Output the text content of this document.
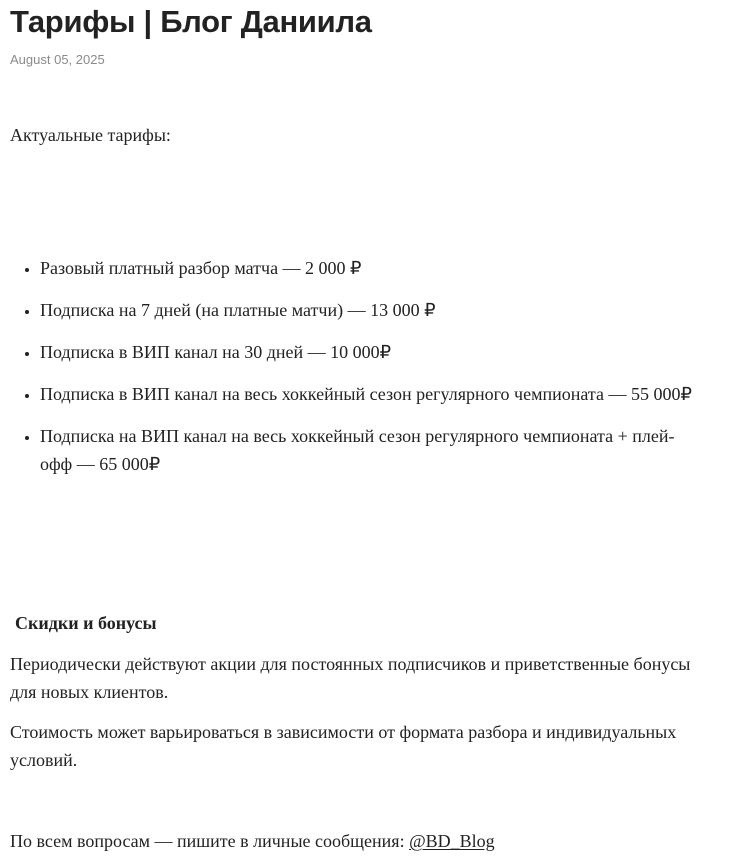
Тарифы | Блог Даниила
August 05, 2025

Актуальные тарифы:

• Разовый платный разбор матча — 2 000 ₽
• Подписка на 7 дней (на платные матчи) — 13 000 ₽
• Подписка в ВИП канал на 30 дней — 10 000₽
• Подписка в ВИП канал на весь хоккейный сезон регулярного чемпионата — 55 000₽
• Подписка на ВИП канал на весь хоккейный сезон регулярного чемпионата + плей-офф — 65 000₽
Скидки и бонусы

Периодически действуют акции для постоянных подписчиков и приветственные бонусы для новых клиентов.

Стоимость может варьироваться в зависимости от формата разбора и индивидуальных условий.

По всем вопросам — пишите в личные сообщения: @BD_Blog
